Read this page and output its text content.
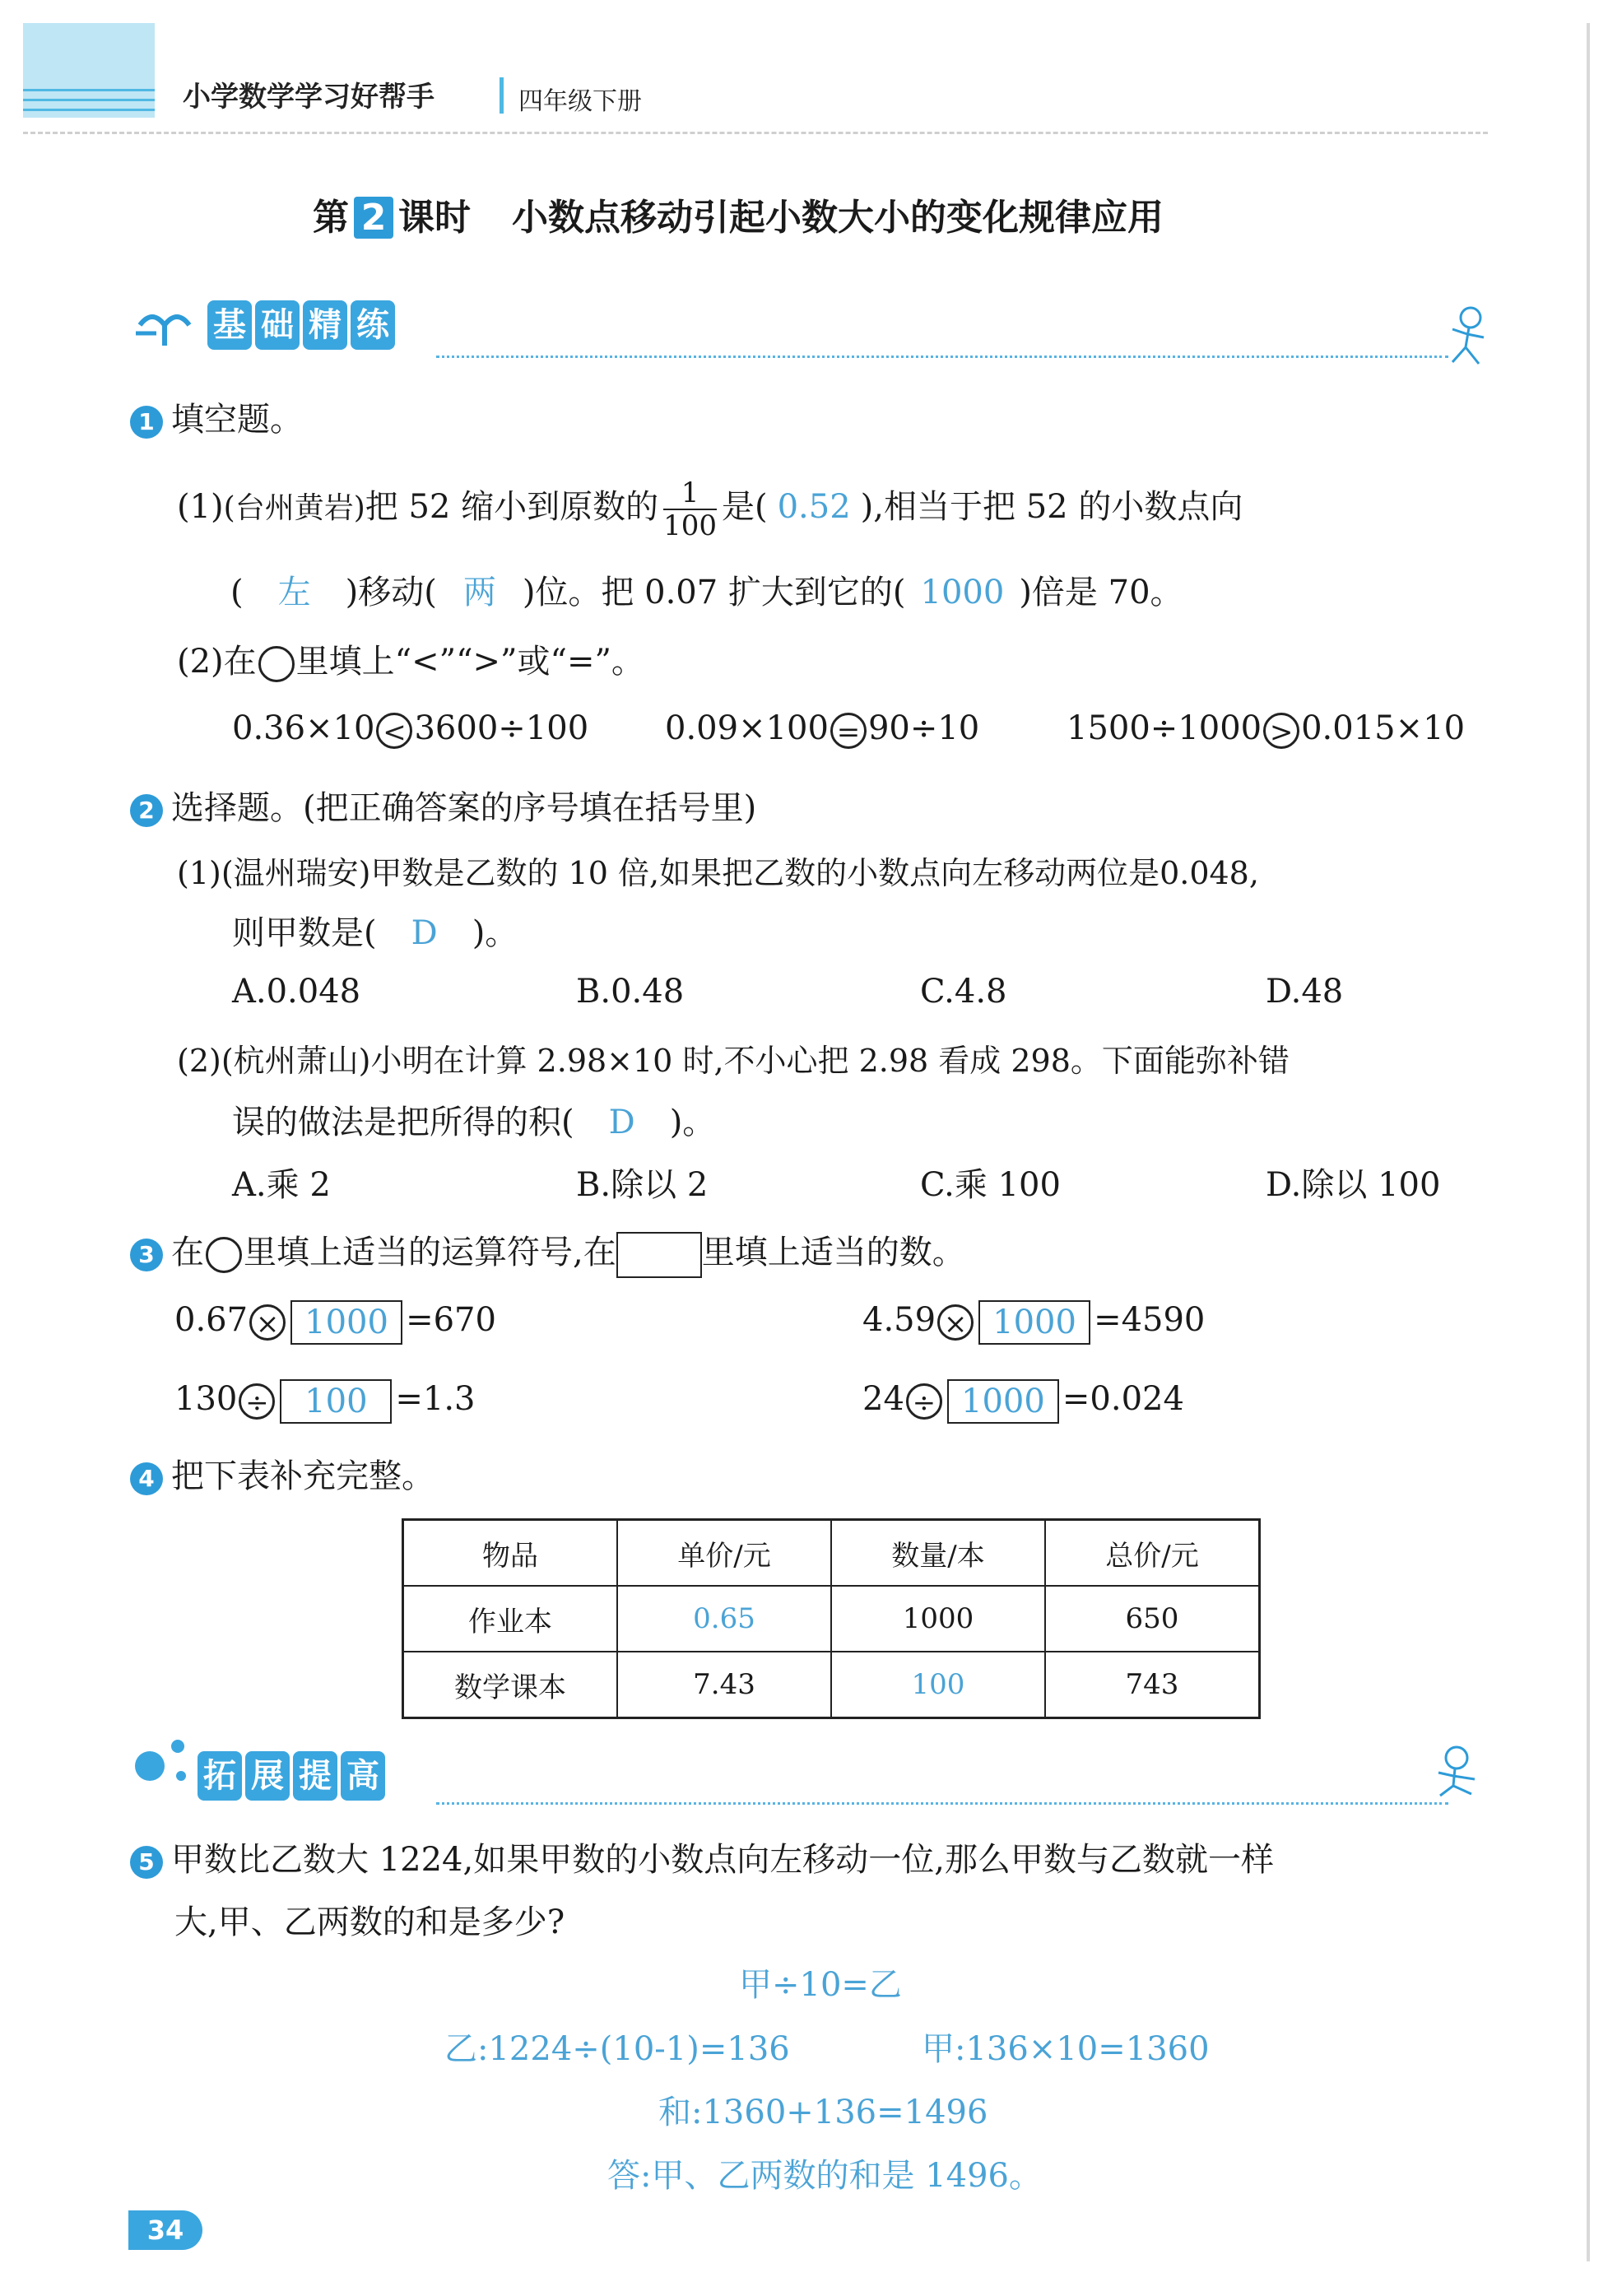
小学数学学习好帮手	四年级下册
第 2 课时 小数点移动引起小数大小的变化规律应用
基 础 精 练
1 填空题。
(1)(台州黄岩)把 52 缩小到原数的 $\frac{1}{100}$ 是( 0.52 ),相当于把 52 的小数点向
( 左 )移动( 两 )位。把 0.07 扩大到它的( 1000 )倍是 70。
(2)在 里填上“<”“>”或“=”。
0.36×10 < 3600÷100 0.09×100 = 90÷10	1500÷1000 > 0.015×10
2 选择题。(把正确答案的序号填在括号里)
(1)(温州瑞安)甲数是乙数的 10 倍,如果把乙数的小数点向左移动两位是0.048,
则甲数是( D )。
A.0.048	B.0.48	C.4.8	D.48
(2)(杭州萧山)小明在计算 2.98×10 时,不小心把 2.98 看成 298。下面能弥补错
误的做法是把所得的积( D )。
A.乘 2	B.除以 2	C.乘 100	D.除以 100
3 在 里填上适当的运算符号,在	里填上适当的数。
0.67 × 1000 =670	4.59 × 1000 =4590
130 ÷ 100 =1.3	24 ÷ 1000 =0.024
4 把下表补充完整。
物品	单价/元	数量/本	总价/元
作业本	0.65	1000	650
数学课本	7.43	100	743
拓 展 提 高
5 甲数比乙数大 1224,如果甲数的小数点向左移动一位,那么甲数与乙数就一样
大,甲、乙两数的和是多少?
甲÷10=乙
乙:1224÷(10-1)=136	甲:136×10=1360
和:1360+136=1496
答:甲、乙两数的和是 1496。
34
